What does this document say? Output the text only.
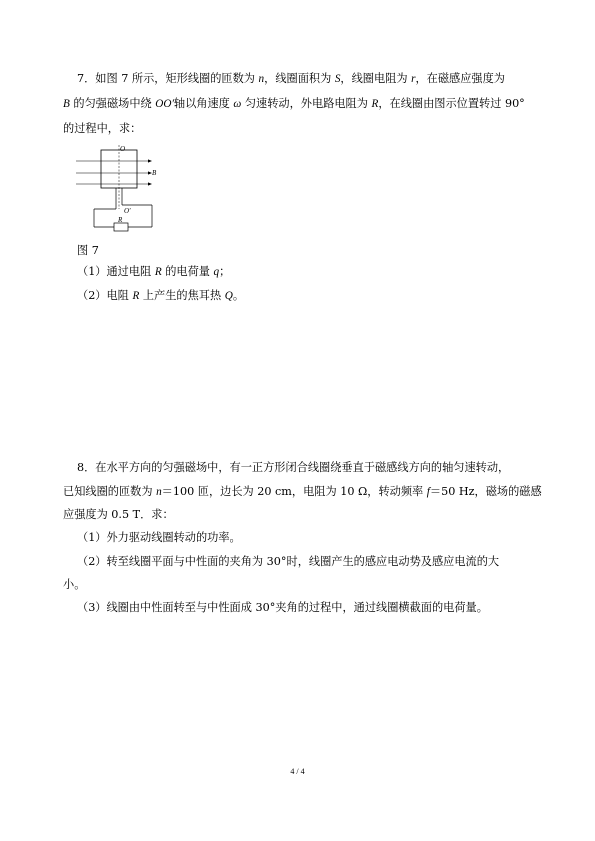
7．如图 7 所示，矩形线圈的匝数为 n，线圈面积为 S，线圈电阻为 r，在磁感应强度为
B 的匀强磁场中绕 OO′轴以角速度 ω 匀速转动，外电路电阻为 R，在线圈由图示位置转过 90°
的过程中，求：
O
B
O′
R
图 7
（1）通过电阻 R 的电荷量 q；
（2）电阻 R 上产生的焦耳热 Q。
8．在水平方向的匀强磁场中，有一正方形闭合线圈绕垂直于磁感线方向的轴匀速转动，
已知线圈的匝数为 n＝100 匝，边长为 20 cm，电阻为 10 Ω，转动频率 f＝50 Hz，磁场的磁感
应强度为 0.5 T．求：
（1）外力驱动线圈转动的功率。
（2）转至线圈平面与中性面的夹角为 30°时，线圈产生的感应电动势及感应电流的大
小。
（3）线圈由中性面转至与中性面成 30°夹角的过程中，通过线圈横截面的电荷量。
4 / 4
